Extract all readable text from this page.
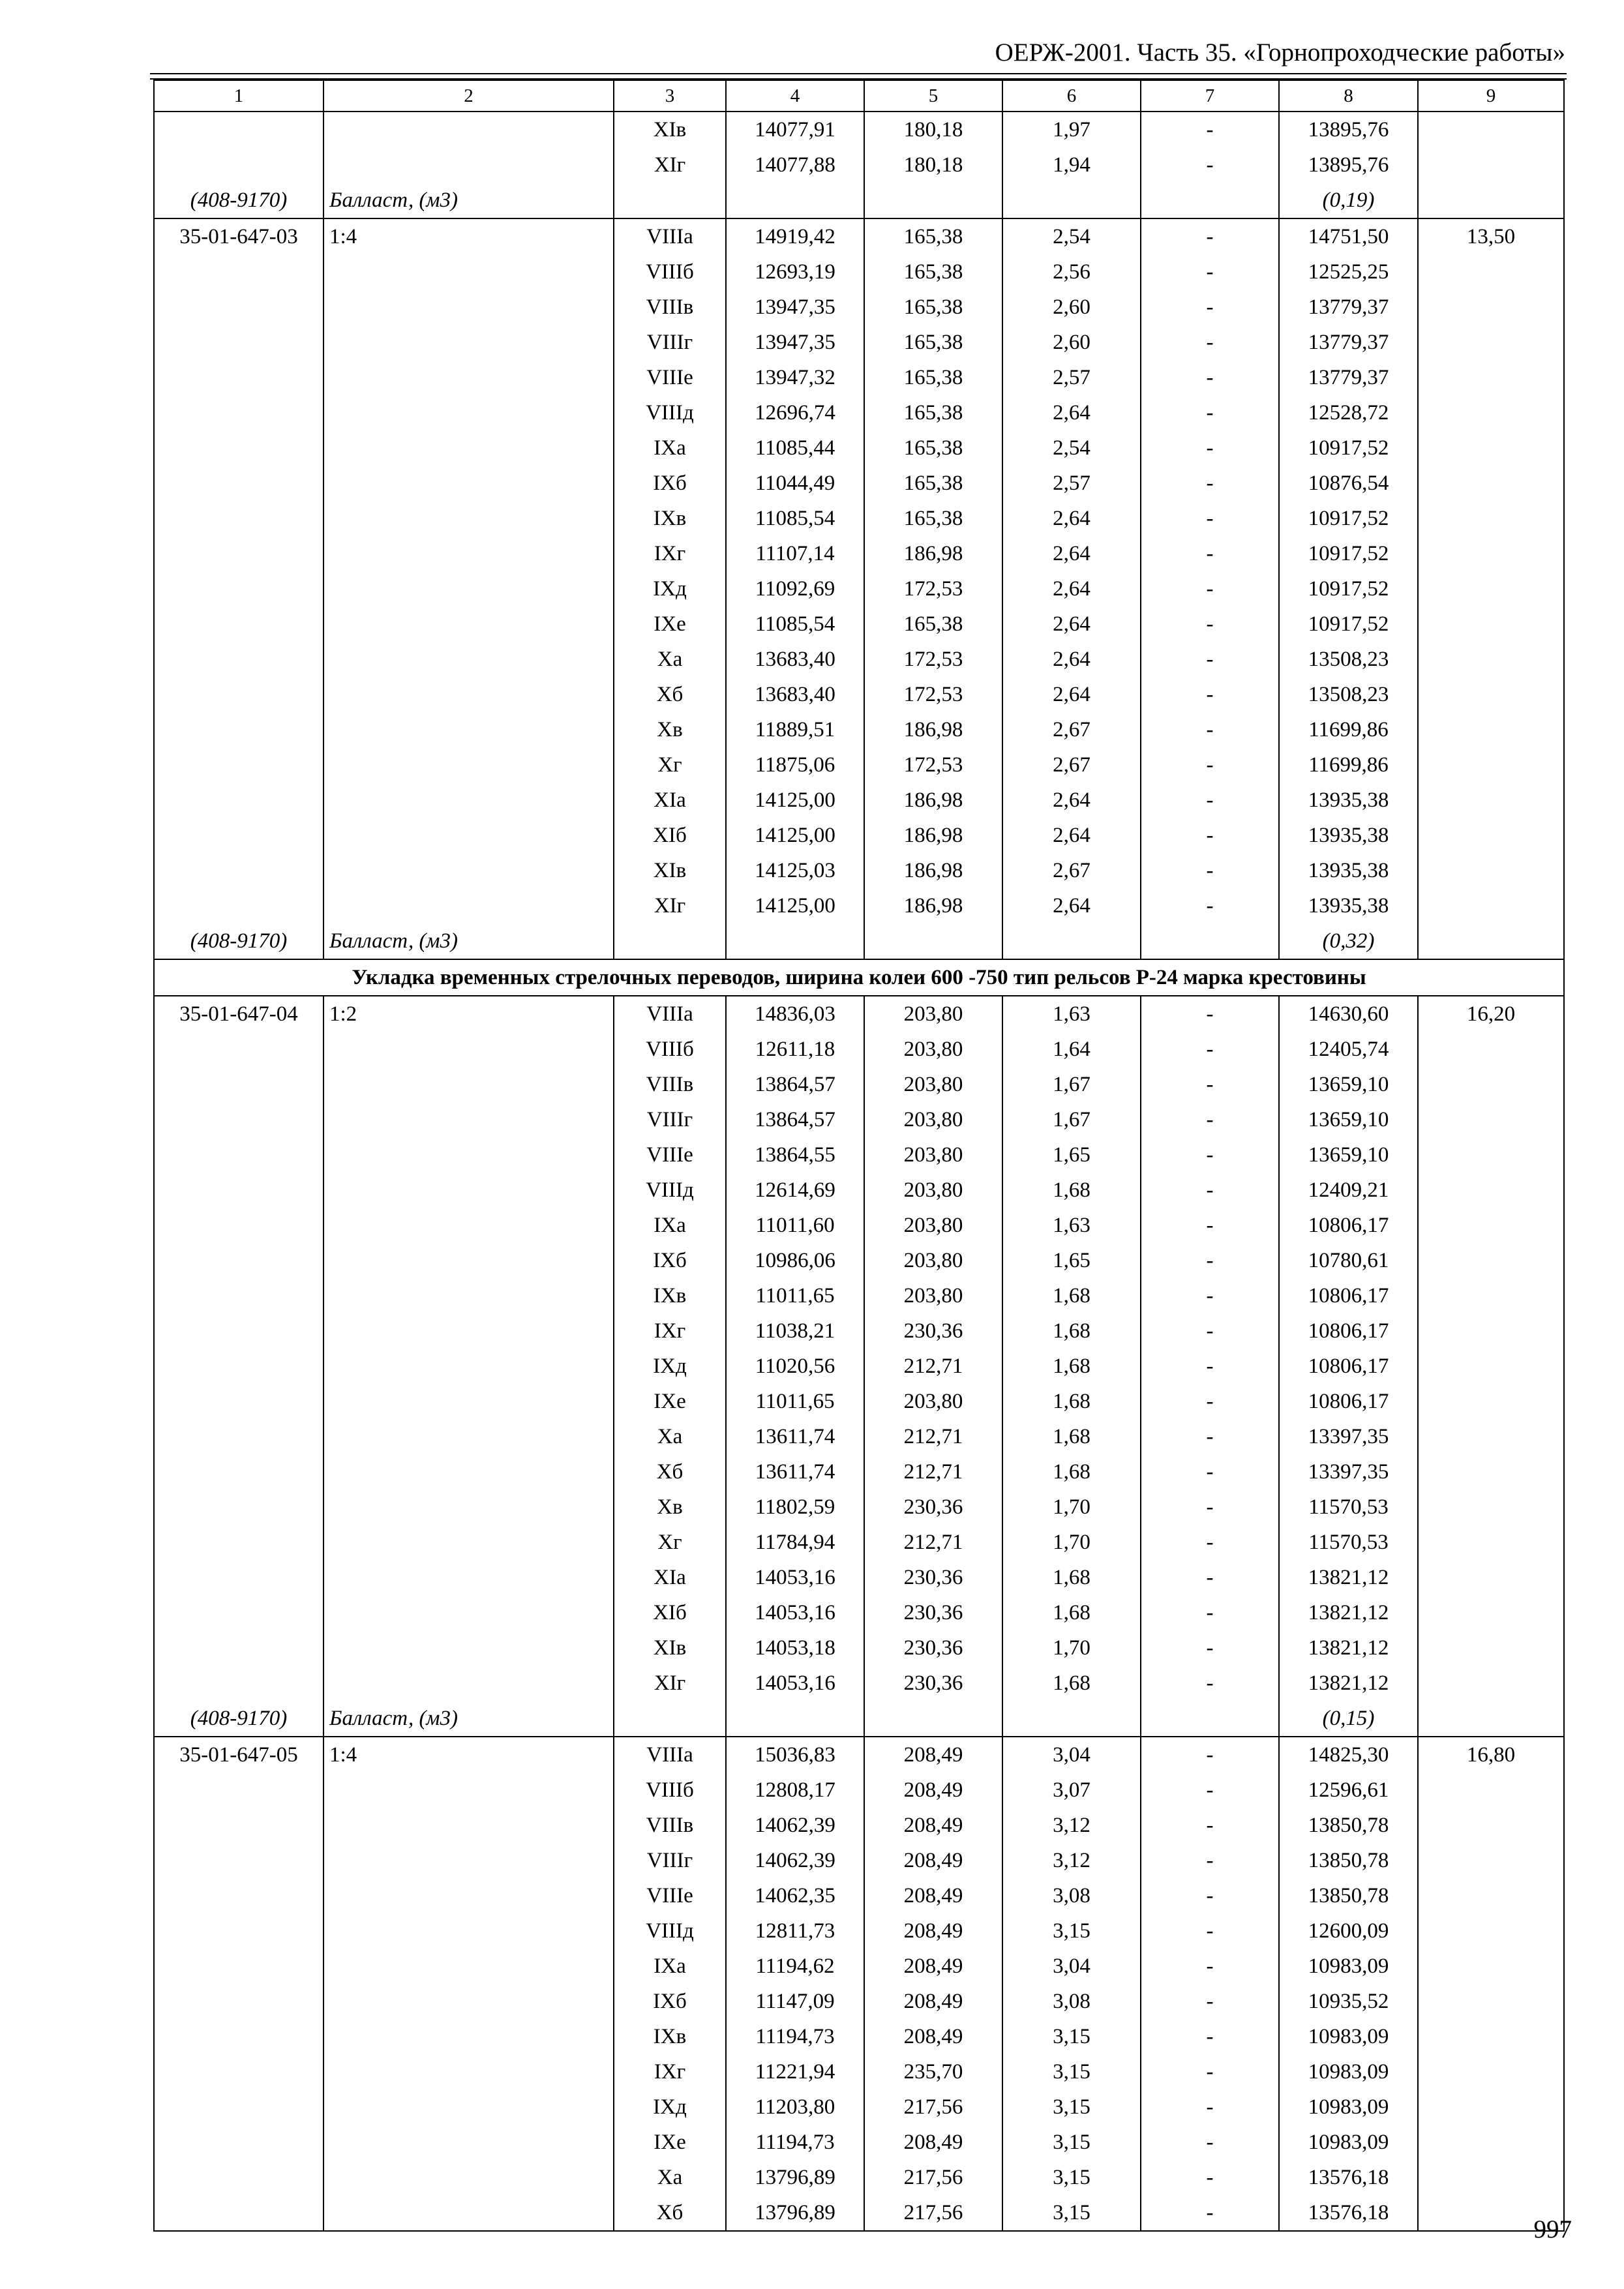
ОЕРЖ-2001. Часть 35. «Горнопроходческие работы»
1	2	3	4	5	6	7	8	9
		XIв	14077,91	180,18	1,97	-	13895,76	
		XIг	14077,88	180,18	1,94	-	13895,76	
(408-9170)	Балласт, (м3)						(0,19)	
35-01-647-03	1:4	VIIIа	14919,42	165,38	2,54	-	14751,50	13,50
		VIIIб	12693,19	165,38	2,56	-	12525,25	
		VIIIв	13947,35	165,38	2,60	-	13779,37	
		VIIIг	13947,35	165,38	2,60	-	13779,37	
		VIIIе	13947,32	165,38	2,57	-	13779,37	
		VIIIд	12696,74	165,38	2,64	-	12528,72	
		IXа	11085,44	165,38	2,54	-	10917,52	
		IXб	11044,49	165,38	2,57	-	10876,54	
		IXв	11085,54	165,38	2,64	-	10917,52	
		IXг	11107,14	186,98	2,64	-	10917,52	
		IXд	11092,69	172,53	2,64	-	10917,52	
		IXе	11085,54	165,38	2,64	-	10917,52	
		Xа	13683,40	172,53	2,64	-	13508,23	
		Xб	13683,40	172,53	2,64	-	13508,23	
		Xв	11889,51	186,98	2,67	-	11699,86	
		Xг	11875,06	172,53	2,67	-	11699,86	
		XIа	14125,00	186,98	2,64	-	13935,38	
		XIб	14125,00	186,98	2,64	-	13935,38	
		XIв	14125,03	186,98	2,67	-	13935,38	
		XIг	14125,00	186,98	2,64	-	13935,38	
(408-9170)	Балласт, (м3)						(0,32)	
Укладка временных стрелочных переводов, ширина колеи 600 -750 тип рельсов Р-24 марка крестовины								
35-01-647-04	1:2	VIIIа	14836,03	203,80	1,63	-	14630,60	16,20
		VIIIб	12611,18	203,80	1,64	-	12405,74	
		VIIIв	13864,57	203,80	1,67	-	13659,10	
		VIIIг	13864,57	203,80	1,67	-	13659,10	
		VIIIе	13864,55	203,80	1,65	-	13659,10	
		VIIIд	12614,69	203,80	1,68	-	12409,21	
		IXа	11011,60	203,80	1,63	-	10806,17	
		IXб	10986,06	203,80	1,65	-	10780,61	
		IXв	11011,65	203,80	1,68	-	10806,17	
		IXг	11038,21	230,36	1,68	-	10806,17	
		IXд	11020,56	212,71	1,68	-	10806,17	
		IXе	11011,65	203,80	1,68	-	10806,17	
		Xа	13611,74	212,71	1,68	-	13397,35	
		Xб	13611,74	212,71	1,68	-	13397,35	
		Xв	11802,59	230,36	1,70	-	11570,53	
		Xг	11784,94	212,71	1,70	-	11570,53	
		XIа	14053,16	230,36	1,68	-	13821,12	
		XIб	14053,16	230,36	1,68	-	13821,12	
		XIв	14053,18	230,36	1,70	-	13821,12	
		XIг	14053,16	230,36	1,68	-	13821,12	
(408-9170)	Балласт, (м3)						(0,15)	
35-01-647-05	1:4	VIIIа	15036,83	208,49	3,04	-	14825,30	16,80
		VIIIб	12808,17	208,49	3,07	-	12596,61	
		VIIIв	14062,39	208,49	3,12	-	13850,78	
		VIIIг	14062,39	208,49	3,12	-	13850,78	
		VIIIе	14062,35	208,49	3,08	-	13850,78	
		VIIIд	12811,73	208,49	3,15	-	12600,09	
		IXа	11194,62	208,49	3,04	-	10983,09	
		IXб	11147,09	208,49	3,08	-	10935,52	
		IXв	11194,73	208,49	3,15	-	10983,09	
		IXг	11221,94	235,70	3,15	-	10983,09	
		IXд	11203,80	217,56	3,15	-	10983,09	
		IXе	11194,73	208,49	3,15	-	10983,09	
		Xа	13796,89	217,56	3,15	-	13576,18	
		Xб	13796,89	217,56	3,15	-	13576,18	
997
